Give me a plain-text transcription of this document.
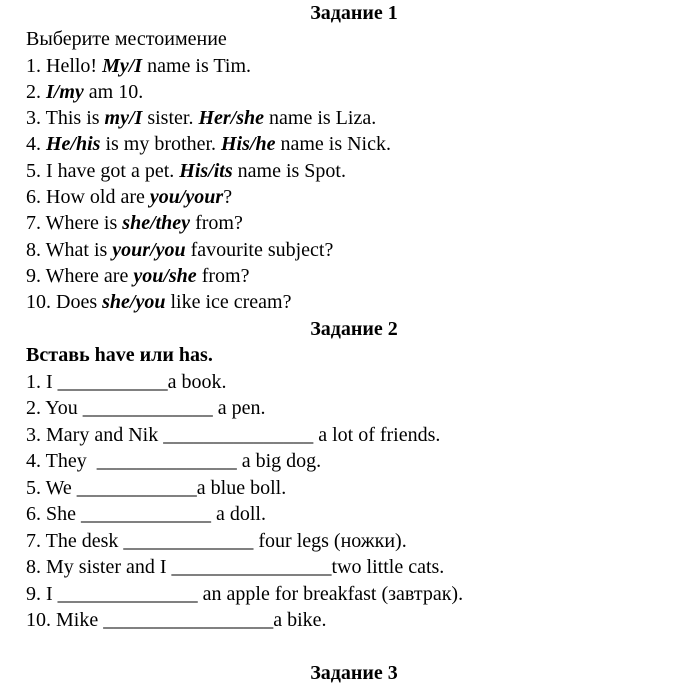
Задание 1
Выберите местоимение
1. Hello! My/I name is Tim.
2. I/my am 10.
3. This is my/I sister. Her/she name is Liza.
4. He/his is my brother. His/he name is Nick.
5. I have got a pet. His/its name is Spot.
6. How old are you/your?
7. Where is she/they from?
8. What is your/you favourite subject?
9. Where are you/she from?
10. Does she/you like ice cream?
Задание 2
Вставь have или has.
1. I ___________a book.
2. You _____________ a pen.
3. Mary and Nik _______________ a lot of friends.
4. They  ______________ a big dog.
5. We ____________a blue boll.
6. She _____________ a doll.
7. The desk _____________ four legs (ножки).
8. My sister and I ________________two little cats.
9. I ______________ an apple for breakfast (завтрак).
10. Mike _________________a bike.
Задание 3
